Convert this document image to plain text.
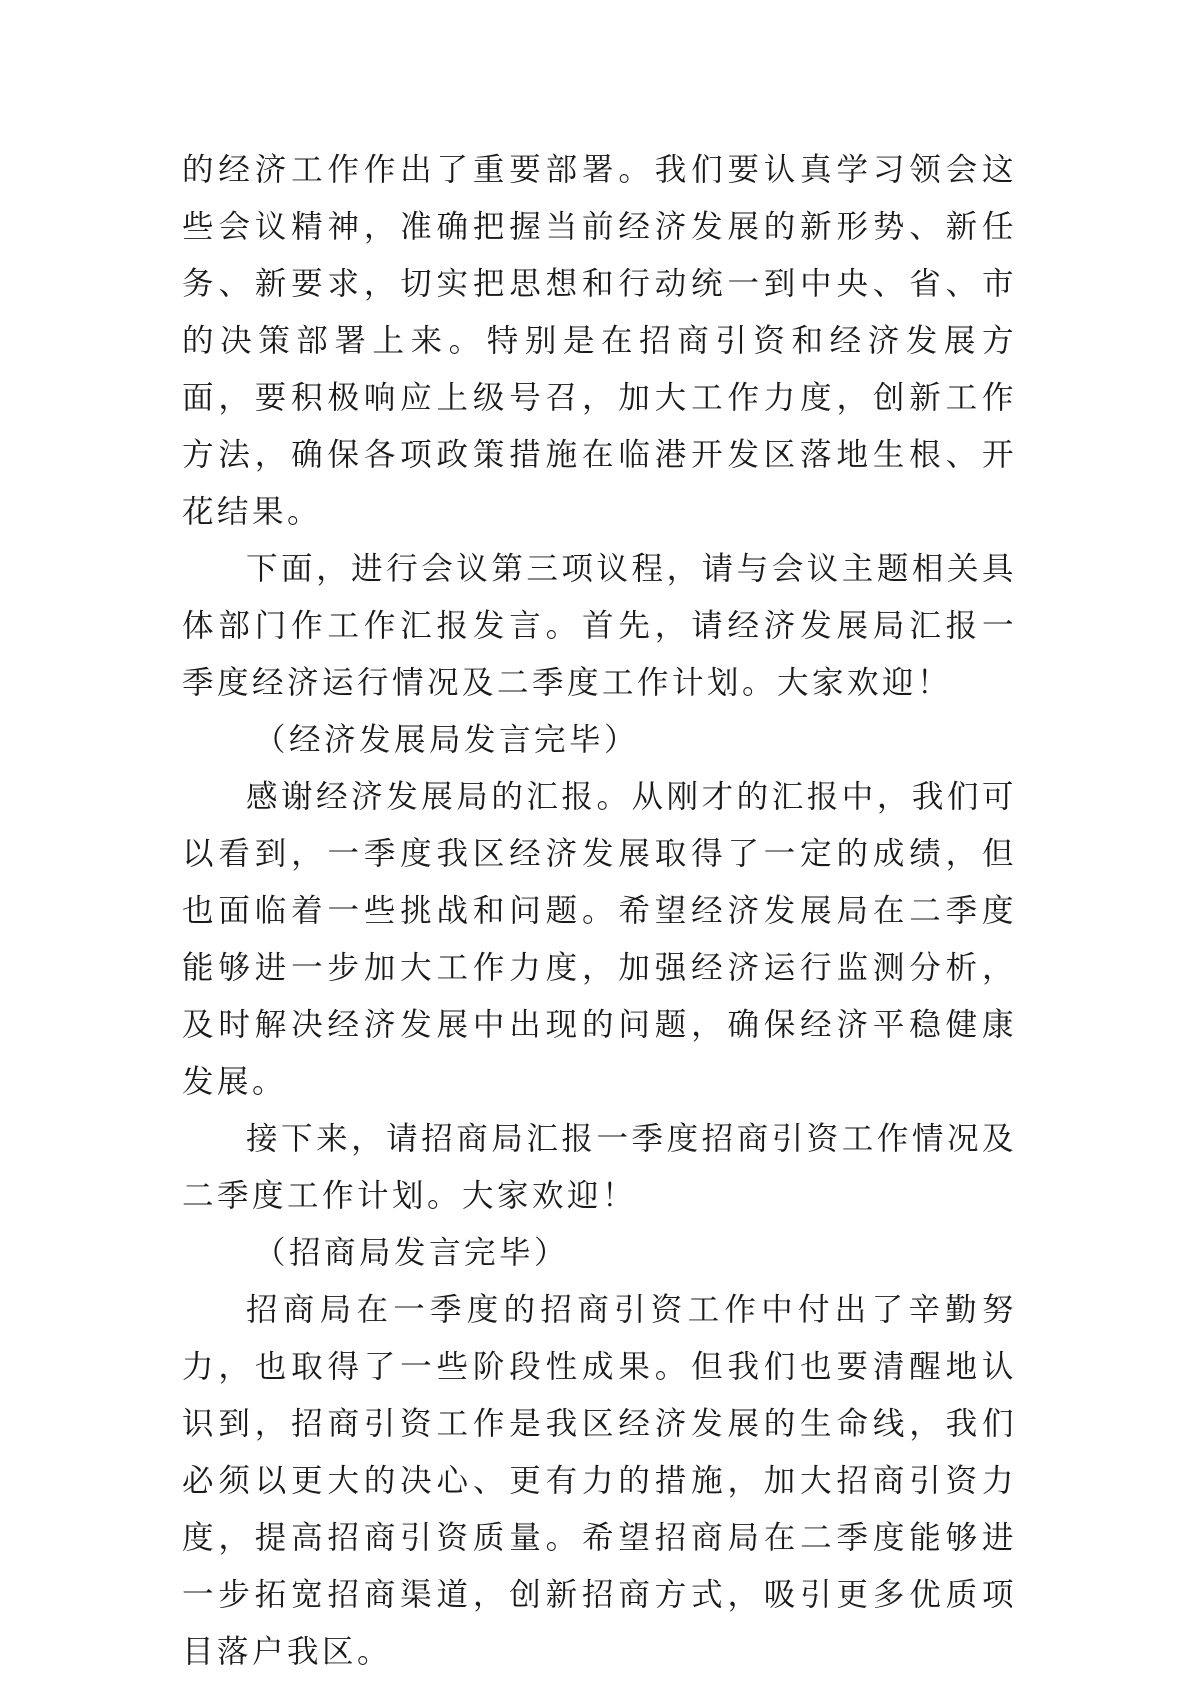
的经济工作作出了重要部署。我们要认真学习领会这些会议精神，准确把握当前经济发展的新形势、新任务、新要求，切实把思想和行动统一到中央、省、市的决策部署上来。特别是在招商引资和经济发展方面，要积极响应上级号召，加大工作力度，创新工作方法，确保各项政策措施在临港开发区落地生根、开花结果。

下面，进行会议第三项议程，请与会议主题相关具体部门作工作汇报发言。首先，请经济发展局汇报一季度经济运行情况及二季度工作计划。大家欢迎！

（经济发展局发言完毕）

感谢经济发展局的汇报。从刚才的汇报中，我们可以看到，一季度我区经济发展取得了一定的成绩，但也面临着一些挑战和问题。希望经济发展局在二季度能够进一步加大工作力度，加强经济运行监测分析，及时解决经济发展中出现的问题，确保经济平稳健康发展。

接下来，请招商局汇报一季度招商引资工作情况及二季度工作计划。大家欢迎！

（招商局发言完毕）

招商局在一季度的招商引资工作中付出了辛勤努力，也取得了一些阶段性成果。但我们也要清醒地认识到，招商引资工作是我区经济发展的生命线，我们必须以更大的决心、更有力的措施，加大招商引资力度，提高招商引资质量。希望招商局在二季度能够进一步拓宽招商渠道，创新招商方式，吸引更多优质项目落户我区。
